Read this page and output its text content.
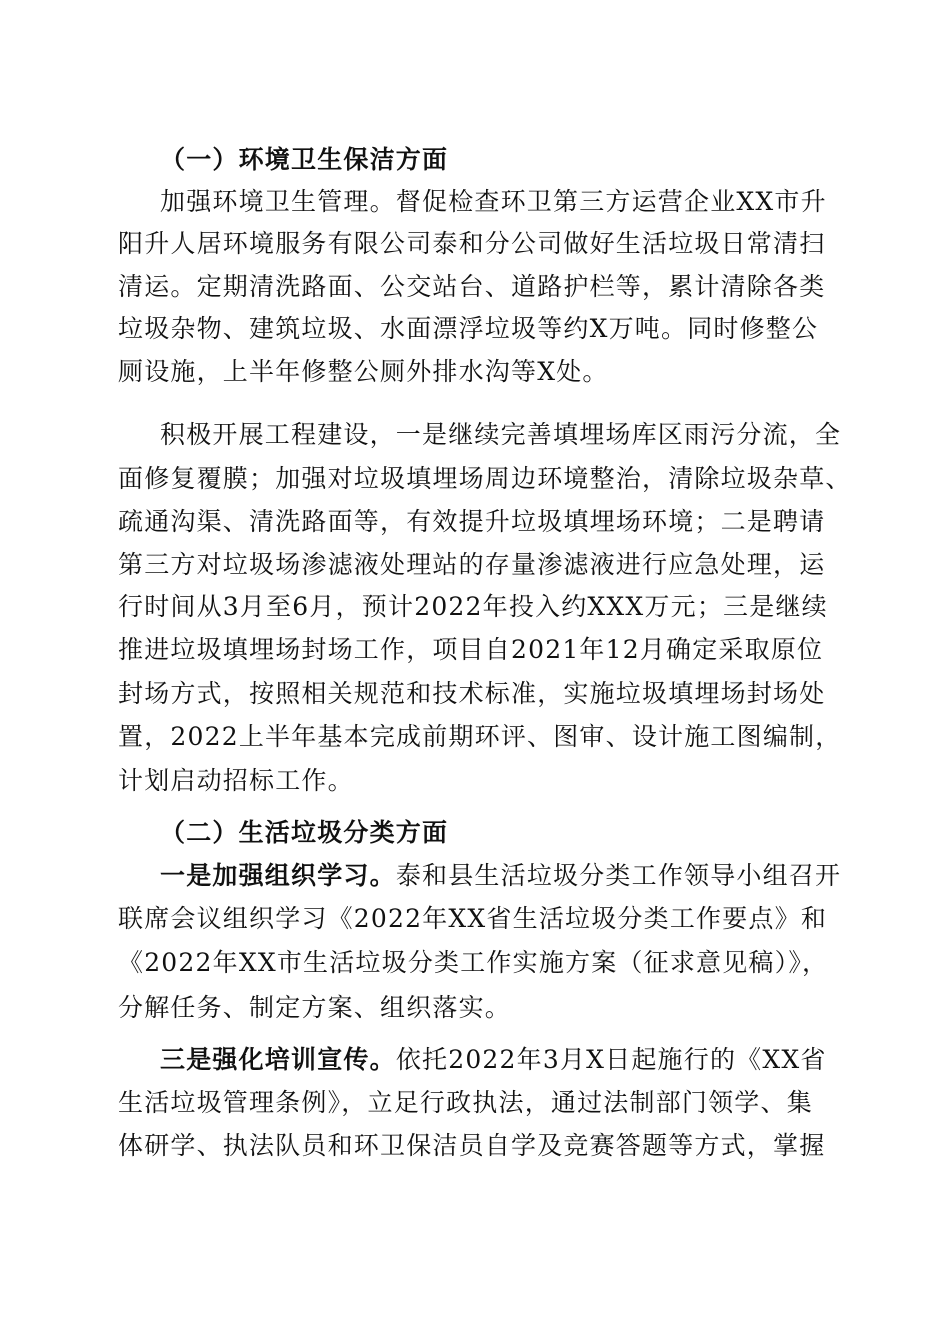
（一）环境卫生保洁方面
加强环境卫生管理。督促检查环卫第三方运营企业XX市升
阳升人居环境服务有限公司泰和分公司做好生活垃圾日常清扫
清运。定期清洗路面、公交站台、道路护栏等，累计清除各类
垃圾杂物、建筑垃圾、水面漂浮垃圾等约X万吨。同时修整公
厕设施，上半年修整公厕外排水沟等X处。
积极开展工程建设，一是继续完善填埋场库区雨污分流，全
面修复覆膜；加强对垃圾填埋场周边环境整治，清除垃圾杂草、
疏通沟渠、清洗路面等，有效提升垃圾填埋场环境；二是聘请
第三方对垃圾场渗滤液处理站的存量渗滤液进行应急处理，运
行时间从3月至6月，预计2022年投入约XXX万元；三是继续
推进垃圾填埋场封场工作，项目自2021年12月确定采取原位
封场方式，按照相关规范和技术标准，实施垃圾填埋场封场处
置，2022上半年基本完成前期环评、图审、设计施工图编制，
计划启动招标工作。
（二）生活垃圾分类方面
一是加强组织学习。泰和县生活垃圾分类工作领导小组召开
联席会议组织学习《2022年XX省生活垃圾分类工作要点》和
《2022年XX市生活垃圾分类工作实施方案（征求意见稿）》，
分解任务、制定方案、组织落实。
三是强化培训宣传。依托2022年3月X日起施行的《XX省
生活垃圾管理条例》，立足行政执法，通过法制部门领学、集
体研学、执法队员和环卫保洁员自学及竞赛答题等方式，掌握
